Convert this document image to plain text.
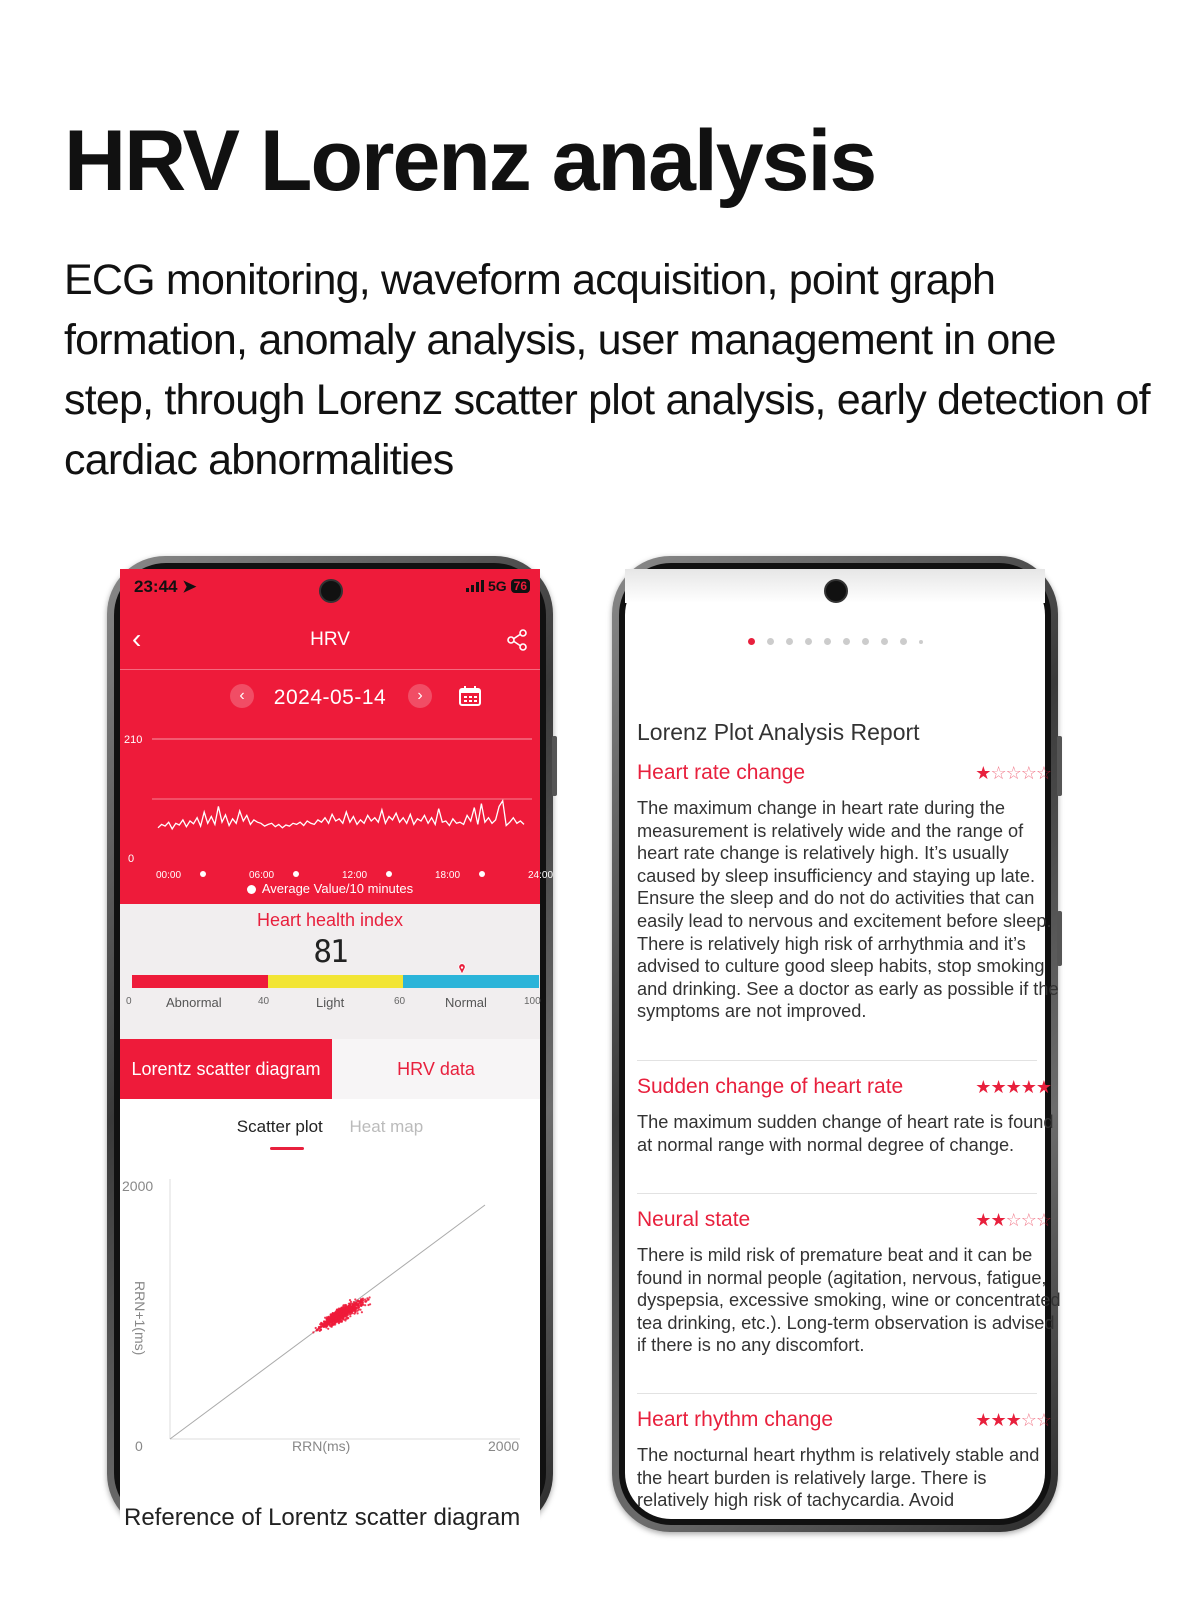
HRV Lorenz analysis

ECG monitoring, waveform acquisition, point graph formation, anomaly analysis, user management in one step, through Lorenz scatter plot analysis, early detection of cardiac abnormalities

23:44 ➤	5G 76
‹	HRV
‹	2024-05-14	›
210
0
00:00	06:00	12:00	18:00	24:00
Average Value/10 minutes
Heart health index
81
0	40	60	100
Abnormal	Light	Normal
Lorentz scatter diagram	HRV data
Scatter plot Heat map
2000
0	2000
RRN(ms)
RRN+1(ms)
Reference of Lorentz scatter diagram
Lorenz Plot Analysis Report
Heart rate change	★☆☆☆☆
The maximum change in heart rate during the measurement is relatively wide and the range of heart rate change is relatively high. It’s usually caused by sleep insufficiency and staying up late. Ensure the sleep and do not do activities that can easily lead to nervous and excitement before sleep. There is relatively high risk of arrhythmia and it’s advised to culture good sleep habits, stop smoking and drinking. See a doctor as early as possible if the symptoms are not improved.
Sudden change of heart rate	★★★★★
The maximum sudden change of heart rate is found at normal range with normal degree of change.
Neural state	★★☆☆☆
There is mild risk of premature beat and it can be found in normal people (agitation, nervous, fatigue, dyspepsia, excessive smoking, wine or concentrated tea drinking, etc.). Long-term observation is advised if there is no any discomfort.
Heart rhythm change	★★★☆☆
The nocturnal heart rhythm is relatively stable and the heart burden is relatively large. There is relatively high risk of tachycardia. Avoid
